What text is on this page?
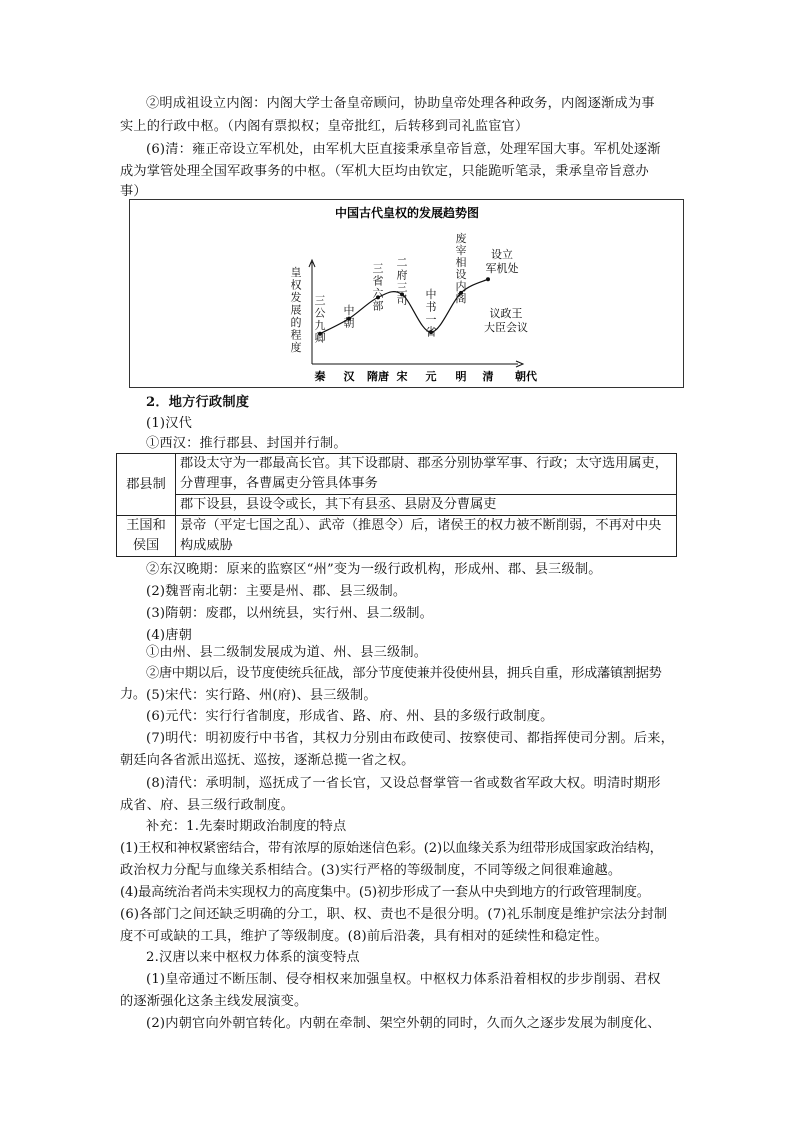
②明成祖设立内阁：内阁大学士备皇帝顾问，协助皇帝处理各种政务，内阁逐渐成为事

实上的行政中枢。（内阁有票拟权；皇帝批红，后转移到司礼监宦官）

(6)清：雍正帝设立军机处，由军机大臣直接秉承皇帝旨意，处理军国大事。军机处逐渐

成为掌管处理全国军政事务的中枢。（军机大臣均由钦定，只能跪听笔录，秉承皇帝旨意办

事）

中国古代皇权的发展趋势图
皇权发展的程度
秦 汉 隋唐 宋 元 明 清 朝代
三公九卿
中朝
三省六部
二府三司 中书一省
废宰相设内阁
议政王
大臣会议
设立
军机处

2．地方行政制度

(1)汉代

①西汉：推行郡县、封国并行制。

郡县制	郡设太守为一郡最高长官。其下设郡尉、郡丞分别协掌军事、行政；太守选用属吏，分曹理事，各曹属吏分管具体事务
	郡下设县，县设令或长，其下有县丞、县尉及分曹属吏
王国和侯国	景帝（平定七国之乱）、武帝（推恩令）后，诸侯王的权力被不断削弱，不再对中央构成威胁

②东汉晚期：原来的监察区“州”变为一级行政机构，形成州、郡、县三级制。

(2)魏晋南北朝：主要是州、郡、县三级制。

(3)隋朝：废郡，以州统县，实行州、县二级制。

(4)唐朝

①由州、县二级制发展成为道、州、县三级制。

②唐中期以后，设节度使统兵征战，部分节度使兼并役使州县，拥兵自重，形成藩镇割据势力。 (5)宋代：实行路、州(府)、县三级制。

(6)元代：实行行省制度，形成省、路、府、州、县的多级行政制度。

(7)明代：明初废行中书省，其权力分别由布政使司、按察使司、都指挥使司分割。后来，

朝廷向各省派出巡抚、巡按，逐渐总揽一省之权。

(8)清代：承明制，巡抚成了一省长官，又设总督掌管一省或数省军政大权。明清时期形

成省、府、县三级行政制度。

补充：1.先秦时期政治制度的特点

(1)王权和神权紧密结合，带有浓厚的原始迷信色彩。(2)以血缘关系为纽带形成国家政治结构，

政治权力分配与血缘关系相结合。(3)实行严格的等级制度，不同等级之间很难逾越。

(4)最高统治者尚未实现权力的高度集中。(5)初步形成了一套从中央到地方的行政管理制度。

(6)各部门之间还缺乏明确的分工，职、权、责也不是很分明。(7)礼乐制度是维护宗法分封制

度不可或缺的工具，维护了等级制度。(8)前后沿袭，具有相对的延续性和稳定性。

2.汉唐以来中枢权力体系的演变特点

(1)皇帝通过不断压制、侵夺相权来加强皇权。中枢权力体系沿着相权的步步削弱、君权

的逐渐强化这条主线发展演变。

(2)内朝官向外朝官转化。内朝在牵制、架空外朝的同时，久而久之逐步发展为制度化、
